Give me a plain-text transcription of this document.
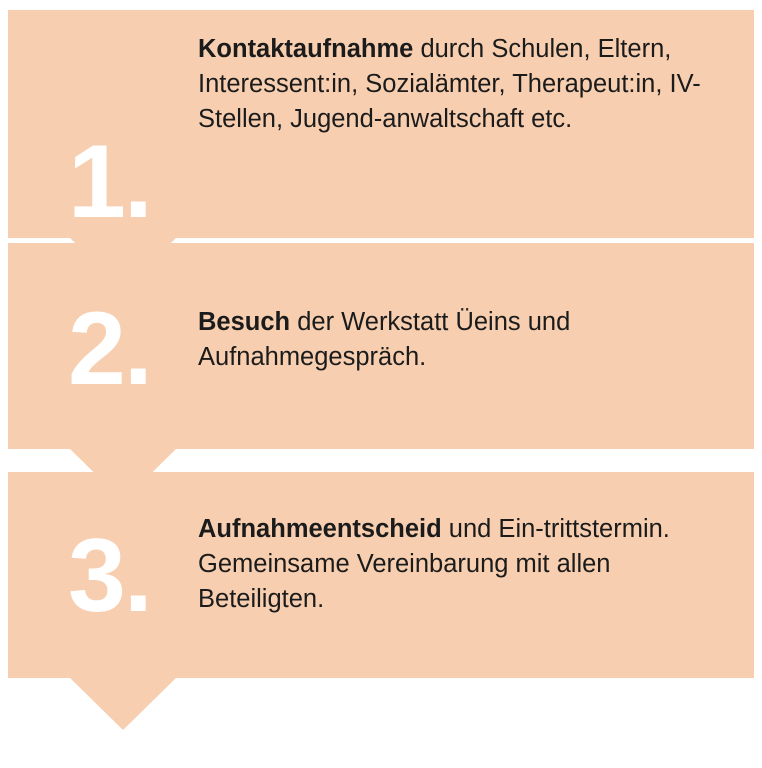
1.
Kontaktaufnahme durch Schulen, Eltern, Interessent:in, Sozialämter, Therapeut:in, IV-Stellen, Jugend-anwaltschaft etc.
2. Besuch der Werkstatt Üeins und Aufnahmegespräch.
3. Aufnahmeentscheid und Ein-trittstermin. Gemeinsame Vereinbarung mit allen Beteiligten.
